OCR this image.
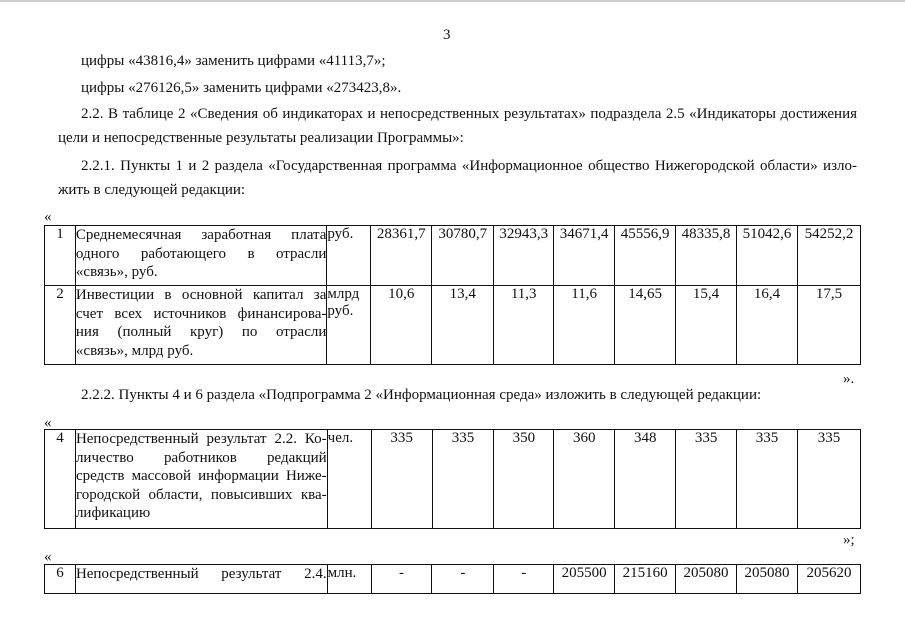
3
цифры «43816,4» заменить цифрами «41113,7»;
цифры «276126,5» заменить цифрами «273423,8».
2.2. В таблице 2 «Сведения об индикаторах и непосредственных результатах» подраздела 2.5 «Индикаторы достижения
цели и непосредственные результаты реализации Программы»:
2.2.1. Пункты 1 и 2 раздела «Государственная программа «Информационное общество Нижегородской области» изло-
жить в следующей редакции:
«
1	Среднемесячная заработная плата
одного работающего в отрасли
«связь», руб.	руб.	28361,7	30780,7	32943,3	34671,4	45556,9	48335,8	51042,6	54252,2
2	Инвестиции в основной капитал за
счет всех источников финансирова-
ния (полный круг) по отрасли
«связь», млрд руб.	млрд
руб.	10,6	13,4	11,3	11,6	14,65	15,4	16,4	17,5
».
2.2.2. Пункты 4 и 6 раздела «Подпрограмма 2 «Информационная среда» изложить в следующей редакции:
«
4	Непосредственный результат 2.2. Ко-
личество работников редакций
средств массовой информации Ниже-
городской области, повысивших ква-
лификацию

чел.	335	335	350	360	348	335	335	335
»;
«
6	Непосредственный результат 2.4.	млн.	-	-	-	205500	215160	205080	205080	205620
